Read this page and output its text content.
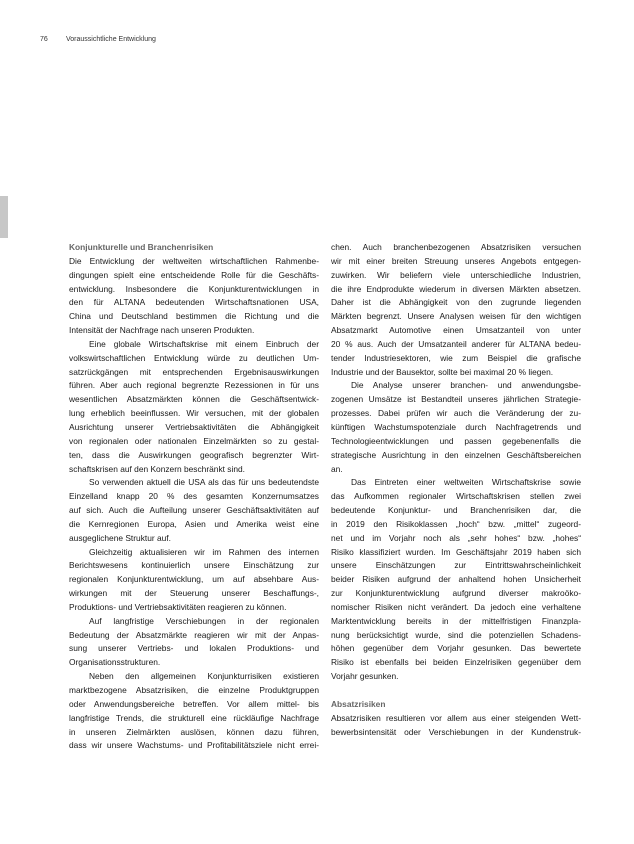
76	Voraussichtliche Entwicklung
Konjunkturelle und Branchenrisiken
Die Entwicklung der weltweiten wirtschaftlichen Rahmenbe-
dingungen spielt eine entscheidende Rolle für die Geschäfts-
entwicklung. Insbesondere die Konjunkturentwicklungen in
den für ALTANA bedeutenden Wirtschaftsnationen USA,
China und Deutschland bestimmen die Richtung und die
Intensität der Nachfrage nach unseren Produkten.
Eine globale Wirtschaftskrise mit einem Einbruch der
volkswirtschaftlichen Entwicklung würde zu deutlichen Um-
satzrückgängen mit entsprechenden Ergebnisauswirkungen
führen. Aber auch regional begrenzte Rezessionen in für uns
wesentlichen Absatzmärkten können die Geschäftsentwick-
lung erheblich beeinflussen. Wir versuchen, mit der globalen
Ausrichtung unserer Vertriebsaktivitäten die Abhängigkeit
von regionalen oder nationalen Einzelmärkten so zu gestal-
ten, dass die Auswirkungen geografisch begrenzter Wirt-
schaftskrisen auf den Konzern beschränkt sind.
So verwenden aktuell die USA als das für uns bedeutendste
Einzelland knapp 20 % des gesamten Konzernumsatzes
auf sich. Auch die Aufteilung unserer Geschäftsaktivitäten auf
die Kernregionen Europa, Asien und Amerika weist eine
ausgeglichene Struktur auf.
Gleichzeitig aktualisieren wir im Rahmen des internen
Berichtswesens kontinuierlich unsere Einschätzung zur
regionalen Konjunkturentwicklung, um auf absehbare Aus-
wirkungen mit der Steuerung unserer Beschaffungs-,
Produktions- und Vertriebsaktivitäten reagieren zu können.
Auf langfristige Verschiebungen in der regionalen
Bedeutung der Absatzmärkte reagieren wir mit der Anpas-
sung unserer Vertriebs- und lokalen Produktions- und
Organisationsstrukturen.
Neben den allgemeinen Konjunkturrisiken existieren
marktbezogene Absatzrisiken, die einzelne Produktgruppen
oder Anwendungsbereiche betreffen. Vor allem mittel- bis
langfristige Trends, die strukturell eine rückläufige Nachfrage
in unseren Zielmärkten auslösen, können dazu führen,
dass wir unsere Wachstums- und Profitabilitätsziele nicht errei-
chen. Auch branchenbezogenen Absatzrisiken versuchen
wir mit einer breiten Streuung unseres Angebots entgegen-
zuwirken. Wir beliefern viele unterschiedliche Industrien,
die ihre Endprodukte wiederum in diversen Märkten absetzen.
Daher ist die Abhängigkeit von den zugrunde liegenden
Märkten begrenzt. Unsere Analysen weisen für den wichtigen
Absatzmarkt Automotive einen Umsatzanteil von unter
20 % aus. Auch der Umsatzanteil anderer für ALTANA bedeu-
tender Industriesektoren, wie zum Beispiel die grafische
Industrie und der Bausektor, sollte bei maximal 20 % liegen.
Die Analyse unserer branchen- und anwendungsbe-
zogenen Umsätze ist Bestandteil unseres jährlichen Strategie-
prozesses. Dabei prüfen wir auch die Veränderung der zu-
künftigen Wachstumspotenziale durch Nachfragetrends und
Technologieentwicklungen und passen gegebenenfalls die
strategische Ausrichtung in den einzelnen Geschäftsbereichen
an.
Das Eintreten einer weltweiten Wirtschaftskrise sowie
das Aufkommen regionaler Wirtschaftskrisen stellen zwei
bedeutende Konjunktur- und Branchenrisiken dar, die
in 2019 den Risikoklassen „hoch“ bzw. „mittel“ zugeord-
net und im Vorjahr noch als „sehr hohes“ bzw. „hohes“
Risiko klassifiziert wurden. Im Geschäftsjahr 2019 haben sich
unsere Einschätzungen zur Eintrittswahrscheinlichkeit
beider Risiken aufgrund der anhaltend hohen Unsicherheit
zur Konjunkturentwicklung aufgrund diverser makroöko-
nomischer Risiken nicht verändert. Da jedoch eine verhaltene
Marktentwicklung bereits in der mittelfristigen Finanzpla-
nung berücksichtigt wurde, sind die potenziellen Schadens-
höhen gegenüber dem Vorjahr gesunken. Das bewertete
Risiko ist ebenfalls bei beiden Einzelrisiken gegenüber dem
Vorjahr gesunken.
Absatzrisiken
Absatzrisiken resultieren vor allem aus einer steigenden Wett-
bewerbsintensität oder Verschiebungen in der Kundenstruk-
